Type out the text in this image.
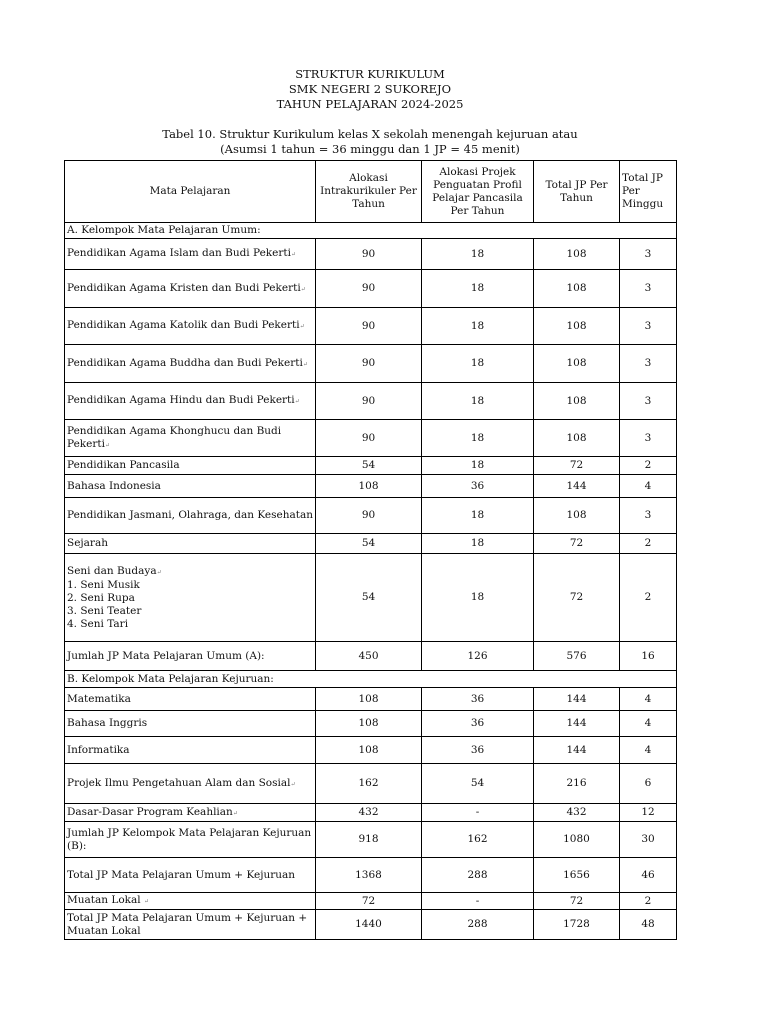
STRUKTUR KURIKULUM
SMK NEGERI 2 SUKOREJO
TAHUN PELAJARAN 2024-2025
Tabel 10. Struktur Kurikulum kelas X sekolah menengah kejuruan atau
(Asumsi 1 tahun = 36 minggu dan 1 JP = 45 menit)
Mata Pelajaran	Alokasi Intrakurikuler Per Tahun	Alokasi Projek Penguatan Profil Pelajar Pancasila Per Tahun	Total JP Per Tahun	Total JP Per Minggu
A. Kelompok Mata Pelajaran Umum:				
Pendidikan Agama Islam dan Budi Pekerti↵	90	18	108	3
Pendidikan Agama Kristen dan Budi Pekerti↵	90	18	108	3
Pendidikan Agama Katolik dan Budi Pekerti↵	90	18	108	3
Pendidikan Agama Buddha dan Budi Pekerti↵	90	18	108	3
Pendidikan Agama Hindu dan Budi Pekerti↵	90	18	108	3
Pendidikan Agama Khonghucu dan Budi Pekerti↵	90	18	108	3
Pendidikan Pancasila	54	18	72	2
Bahasa Indonesia	108	36	144	4
Pendidikan Jasmani, Olahraga, dan Kesehatan	90	18	108	3
Sejarah	54	18	72	2

Seni dan Budaya↵
1. Seni Musik
2. Seni Rupa
3. Seni Teater
4. Seni Tari	54	18	72	2
Jumlah JP Mata Pelajaran Umum (A):	450	126	576	16
B. Kelompok Mata Pelajaran Kejuruan:				
Matematika	108	36	144	4
Bahasa Inggris	108	36	144	4
Informatika	108	36	144	4
Projek Ilmu Pengetahuan Alam dan Sosial↵	162	54	216	6
Dasar-Dasar Program Keahlian↵	432	-	432	12
Jumlah JP Kelompok Mata Pelajaran Kejuruan (B):	918	162	1080	30
Total JP Mata Pelajaran Umum + Kejuruan	1368	288	1656	46
Muatan Lokal ↵	72	-	72	2
Total JP Mata Pelajaran Umum + Kejuruan + Muatan Lokal	1440	288	1728	48
